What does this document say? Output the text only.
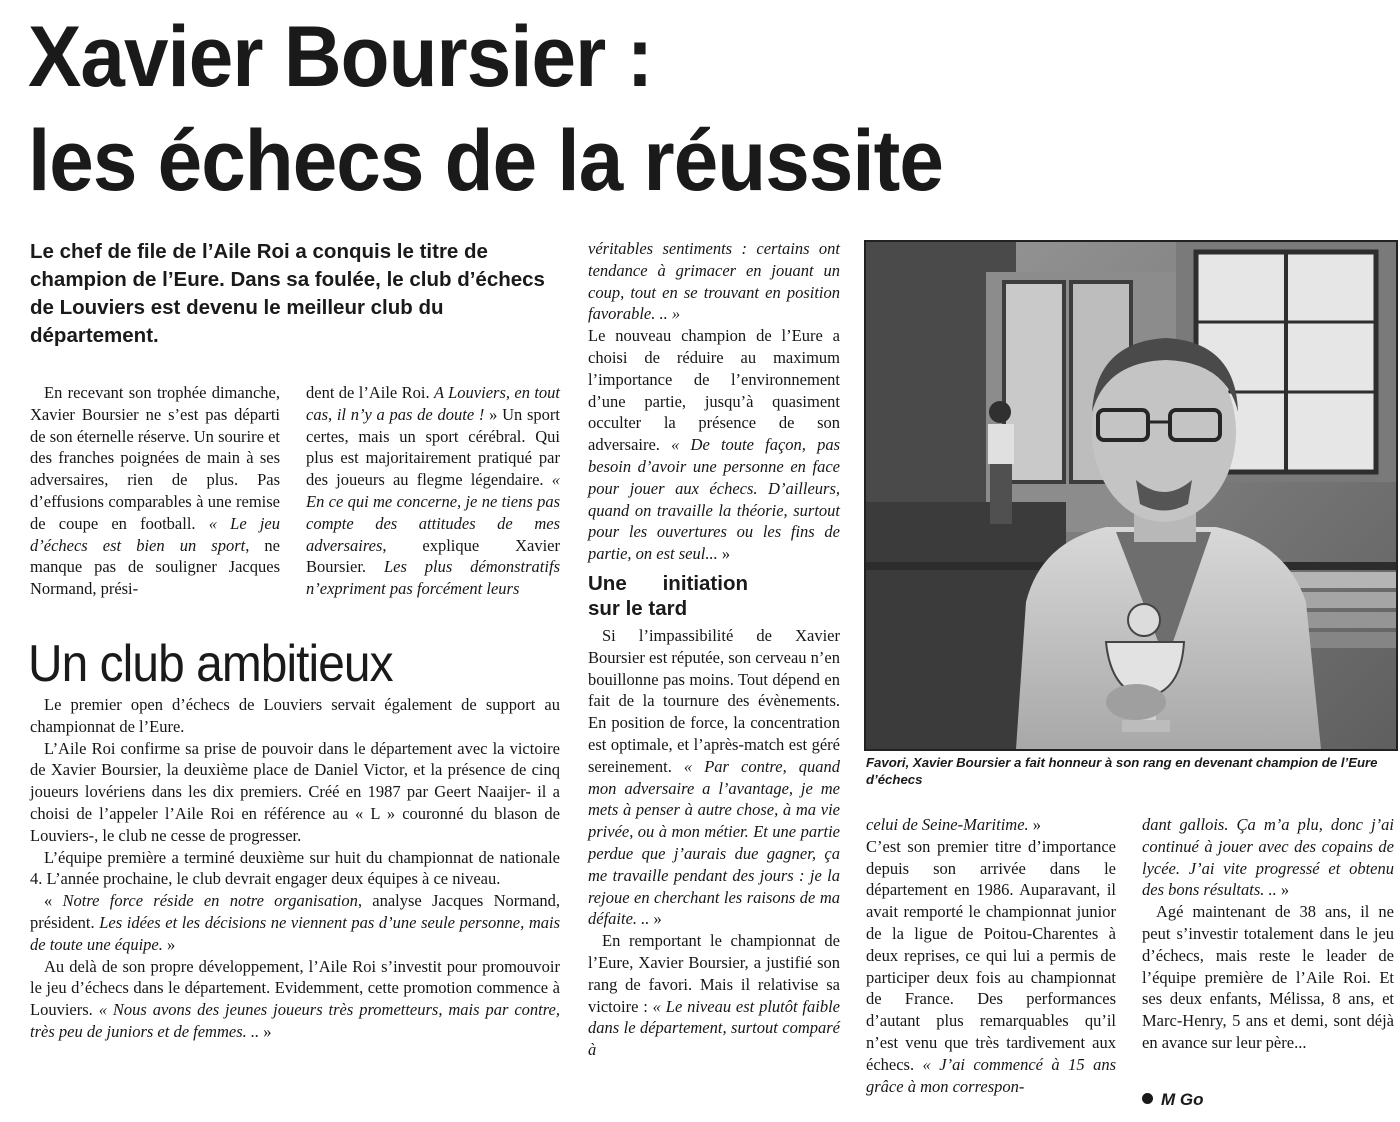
Xavier Boursier :
les échecs de la réussite

Le chef de file de l’Aile Roi a conquis le titre de champion de l’Eure. Dans sa foulée, le club d’échecs de Louviers est devenu le meilleur club du département.

En recevant son trophée dimanche, Xavier Boursier ne s’est pas départi de son éternelle réserve. Un sourire et des franches poignées de main à ses adversaires, rien de plus. Pas d’effusions comparables à une remise de coupe en football. « Le jeu d’échecs est bien un sport, ne manque pas de souligner Jacques Normand, prési-

dent de l’Aile Roi. A Louviers, en tout cas, il n’y a pas de doute ! » Un sport certes, mais un sport cérébral. Qui plus est majoritairement pratiqué par des joueurs au flegme légendaire. « En ce qui me concerne, je ne tiens pas compte des attitudes de mes adversaires, explique Xavier Boursier. Les plus démonstratifs n’expriment pas forcément leurs

Un club ambitieux

Le premier open d’échecs de Louviers servait également de support au championnat de l’Eure.

L’Aile Roi confirme sa prise de pouvoir dans le département avec la victoire de Xavier Boursier, la deuxième place de Daniel Victor, et la présence de cinq joueurs lovériens dans les dix premiers. Créé en 1987 par Geert Naaijer- il a choisi de l’appeler l’Aile Roi en référence au « L » couronné du blason de Louviers-, le club ne cesse de progresser.

L’équipe première a terminé deuxième sur huit du championnat de nationale 4. L’année prochaine, le club devrait engager deux équipes à ce niveau.

« Notre force réside en notre organisation, analyse Jacques Normand, président. Les idées et les décisions ne viennent pas d’une seule personne, mais de toute une équipe. »

Au delà de son propre développement, l’Aile Roi s’investit pour promouvoir le jeu d’échecs dans le département. Evidemment, cette promotion commence à Louviers. « Nous avons des jeunes joueurs très prometteurs, mais par contre, très peu de juniors et de femmes. .. »

véritables sentiments : certains ont tendance à grimacer en jouant un coup, tout en se trouvant en position favorable. .. »

Le nouveau champion de l’Eure a choisi de réduire au maximum l’importance de l’environnement d’une partie, jusqu’à quasiment occulter la présence de son adversaire. « De toute façon, pas besoin d’avoir une personne en face pour jouer aux échecs. D’ailleurs, quand on travaille la théorie, surtout pour les ouvertures ou les fins de partie, on est seul... »

Une initiation sur le tard

Si l’impassibilité de Xavier Boursier est réputée, son cerveau n’en bouillonne pas moins. Tout dépend en fait de la tournure des évènements. En position de force, la concentration est optimale, et l’après-match est géré sereinement. « Par contre, quand mon adversaire a l’avantage, je me mets à penser à autre chose, à ma vie privée, ou à mon métier. Et une partie perdue que j’aurais due gagner, ça me travaille pendant des jours : je la rejoue en cherchant les raisons de ma défaite. .. »

En remportant le championnat de l’Eure, Xavier Boursier, a justifié son rang de favori. Mais il relativise sa victoire : « Le niveau est plutôt faible dans le département, surtout comparé à

Favori, Xavier Boursier a fait honneur à son rang en devenant champion de l’Eure d’échecs

celui de Seine-Maritime. »

C’est son premier titre d’importance depuis son arrivée dans le département en 1986. Auparavant, il avait remporté le championnat junior de la ligue de Poitou-Charentes à deux reprises, ce qui lui a permis de participer deux fois au championnat de France. Des performances d’autant plus remarquables qu’il n’est venu que très tardivement aux échecs. « J’ai commencé à 15 ans grâce à mon correspon-

dant gallois. Ça m’a plu, donc j’ai continué à jouer avec des copains de lycée. J’ai vite progressé et obtenu des bons résultats. .. »

Agé maintenant de 38 ans, il ne peut s’investir totalement dans le jeu d’échecs, mais reste le leader de l’équipe première de l’Aile Roi. Et ses deux enfants, Mélissa, 8 ans, et Marc-Henry, 5 ans et demi, sont déjà en avance sur leur père...

M Go
